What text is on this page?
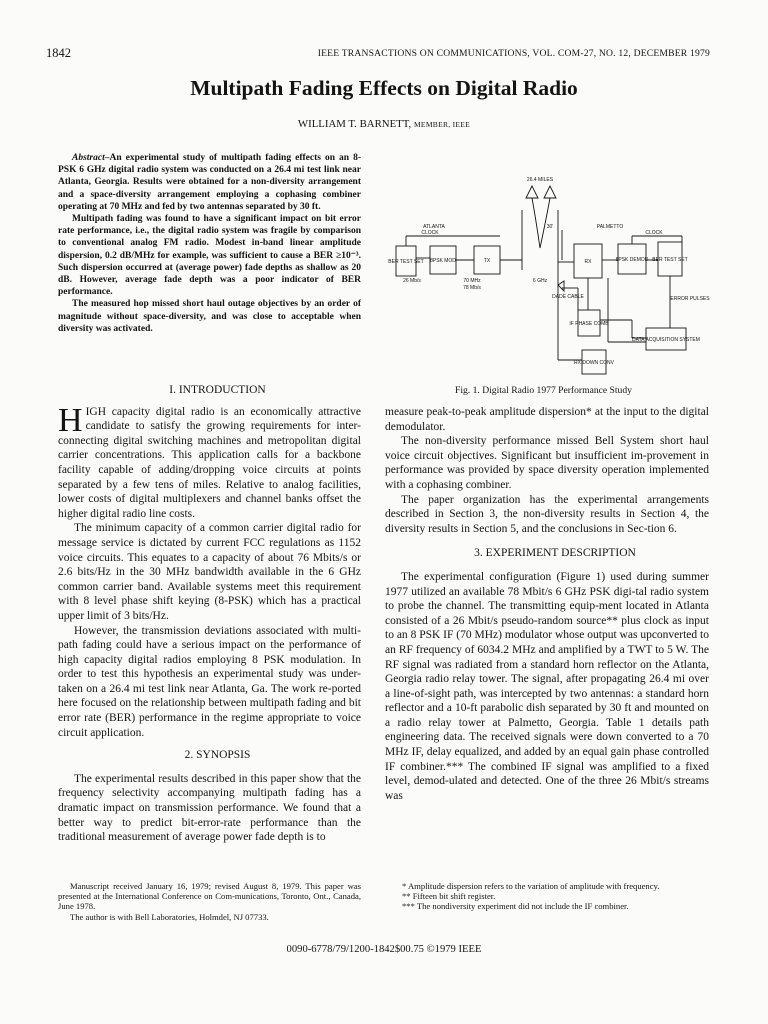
1842	IEEE TRANSACTIONS ON COMMUNICATIONS, VOL. COM-27, NO. 12, DECEMBER 1979
Multipath Fading Effects on Digital Radio
WILLIAM T. BARNETT, MEMBER, IEEE

Abstract–An experimental study of multipath fading effects on an 8-PSK 6 GHz digital radio system was conducted on a 26.4 mi test link near Atlanta, Georgia. Results were obtained for a non-diversity arrangement and a space-diversity arrangement employing a cophasing combiner operating at 70 MHz and fed by two antennas separated by 30 ft.

Multipath fading was found to have a significant impact on bit error rate performance, i.e., the digital radio system was fragile by comparison to conventional analog FM radio. Modest in-band linear amplitude dispersion, 0.2 dB/MHz for example, was sufficient to cause a BER ≥10⁻³. Such dispersion occurred at (average power) fade depths as shallow as 20 dB. However, average fade depth was a poor indicator of BER performance.

The measured hop missed short haul outage objectives by an order of magnitude without space-diversity, and was close to acceptable when diversity was activated.

26.4 MILES
ATLANTA	PALMETTO
CLOCK	CLOCK
BER TEST SET 8PSK MOD	TX	RX	8PSK DEMOD BER TEST SET
26 Mb/s	70 MHz
78 Mb/s
6 GHz
30'
DADE CABLE
IF PHASE COMB
RX DOWN CONV
DATA ACQUISITION SYSTEM
ERROR PULSES
Fig. 1. Digital Radio 1977 Performance Study

I. INTRODUCTION

HIGH capacity digital radio is an economically attractive candidate to satisfy the growing requirements for inter-connecting digital switching machines and metropolitan digital carrier concentrations. This application calls for a backbone facility capable of adding/dropping voice circuits at points separated by a few tens of miles. Relative to analog facilities, lower costs of digital multiplexers and channel banks offset the higher digital radio line costs.

The minimum capacity of a common carrier digital radio for message service is dictated by current FCC regulations as 1152 voice circuits. This equates to a capacity of about 76 Mbits/s or 2.6 bits/Hz in the 30 MHz bandwidth available in the 6 GHz common carrier band. Available systems meet this requirement with 8 level phase shift keying (8-PSK) which has a practical upper limit of 3 bits/Hz.

However, the transmission deviations associated with multi-path fading could have a serious impact on the performance of high capacity digital radios employing 8 PSK modulation. In order to test this hypothesis an experimental study was under-taken on a 26.4 mi test link near Atlanta, Ga. The work re-ported here focused on the relationship between multipath fading and bit error rate (BER) performance in the regime appropriate to voice circuit application.

2. SYNOPSIS

The experimental results described in this paper show that the frequency selectivity accompanying multipath fading has a dramatic impact on transmission performance. We found that a better way to predict bit-error-rate performance than the traditional measurement of average power fade depth is to

measure peak-to-peak amplitude dispersion* at the input to the digital demodulator.

The non-diversity performance missed Bell System short haul voice circuit objectives. Significant but insufficient im-provement in performance was provided by space diversity operation implemented with a cophasing combiner.

The paper organization has the experimental arrangements described in Section 3, the non-diversity results in Section 4, the diversity results in Section 5, and the conclusions in Sec-tion 6.

3. EXPERIMENT DESCRIPTION

The experimental configuration (Figure 1) used during summer 1977 utilized an available 78 Mbit/s 6 GHz PSK digi-tal radio system to probe the channel. The transmitting equip-ment located in Atlanta consisted of a 26 Mbit/s pseudo-random source** plus clock as input to an 8 PSK IF (70 MHz) modulator whose output was upconverted to an RF frequency of 6034.2 MHz and amplified by a TWT to 5 W. The RF signal was radiated from a standard horn reflector on the Atlanta, Georgia radio relay tower. The signal, after propagating 26.4 mi over a line-of-sight path, was intercepted by two antennas: a standard horn reflector and a 10-ft parabolic dish separated by 30 ft and mounted on a radio relay tower at Palmetto, Georgia. Table 1 details path engineering data. The received signals were down converted to a 70 MHz IF, delay equalized, and added by an equal gain phase controlled IF combiner.*** The combined IF signal was amplified to a fixed level, demod-ulated and detected. One of the three 26 Mbit/s streams was

Manuscript received January 16, 1979; revised August 8, 1979. This paper was presented at the International Conference on Com-munications, Toronto, Ont., Canada, June 1978.

The author is with Bell Laboratories, Holmdel, NJ 07733.

* Amplitude dispersion refers to the variation of amplitude with frequency.

** Fifteen bit shift register.

*** The nondiversity experiment did not include the IF combiner.

0090-6778/79/1200-1842$00.75 ©1979 IEEE
